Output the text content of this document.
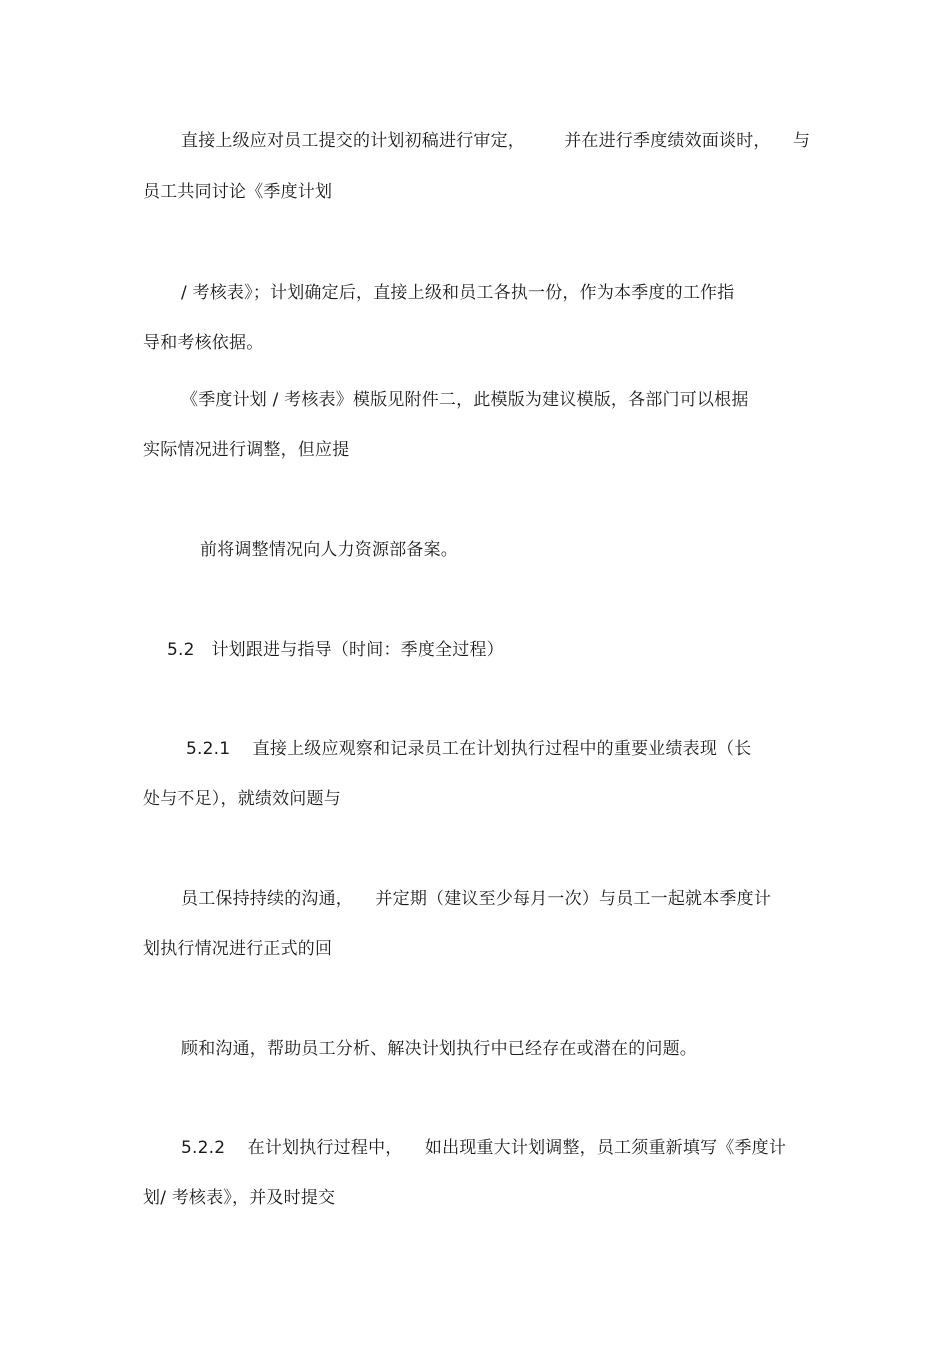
直接上级应对员工提交的计划初稿进行审定，       并在进行季度绩效面谈时，    与
员工共同讨论《季度计划
/ 考核表》；计划确定后，直接上级和员工各执一份，作为本季度的工作指
导和考核依据。
《季度计划 / 考核表》模版见附件二，此模版为建议模版，各部门可以根据
实际情况进行调整，但应提
前将调整情况向人力资源部备案。
5.2   计划跟进与指导（时间：季度全过程）
5.2.1    直接上级应观察和记录员工在计划执行过程中的重要业绩表现（长
处与不足），就绩效问题与
员工保持持续的沟通，    并定期（建议至少每月一次）与员工一起就本季度计
划执行情况进行正式的回
顾和沟通，帮助员工分析、解决计划执行中已经存在或潜在的问题。
5.2.2    在计划执行过程中，    如出现重大计划调整，员工须重新填写《季度计
划/ 考核表》，并及时提交
